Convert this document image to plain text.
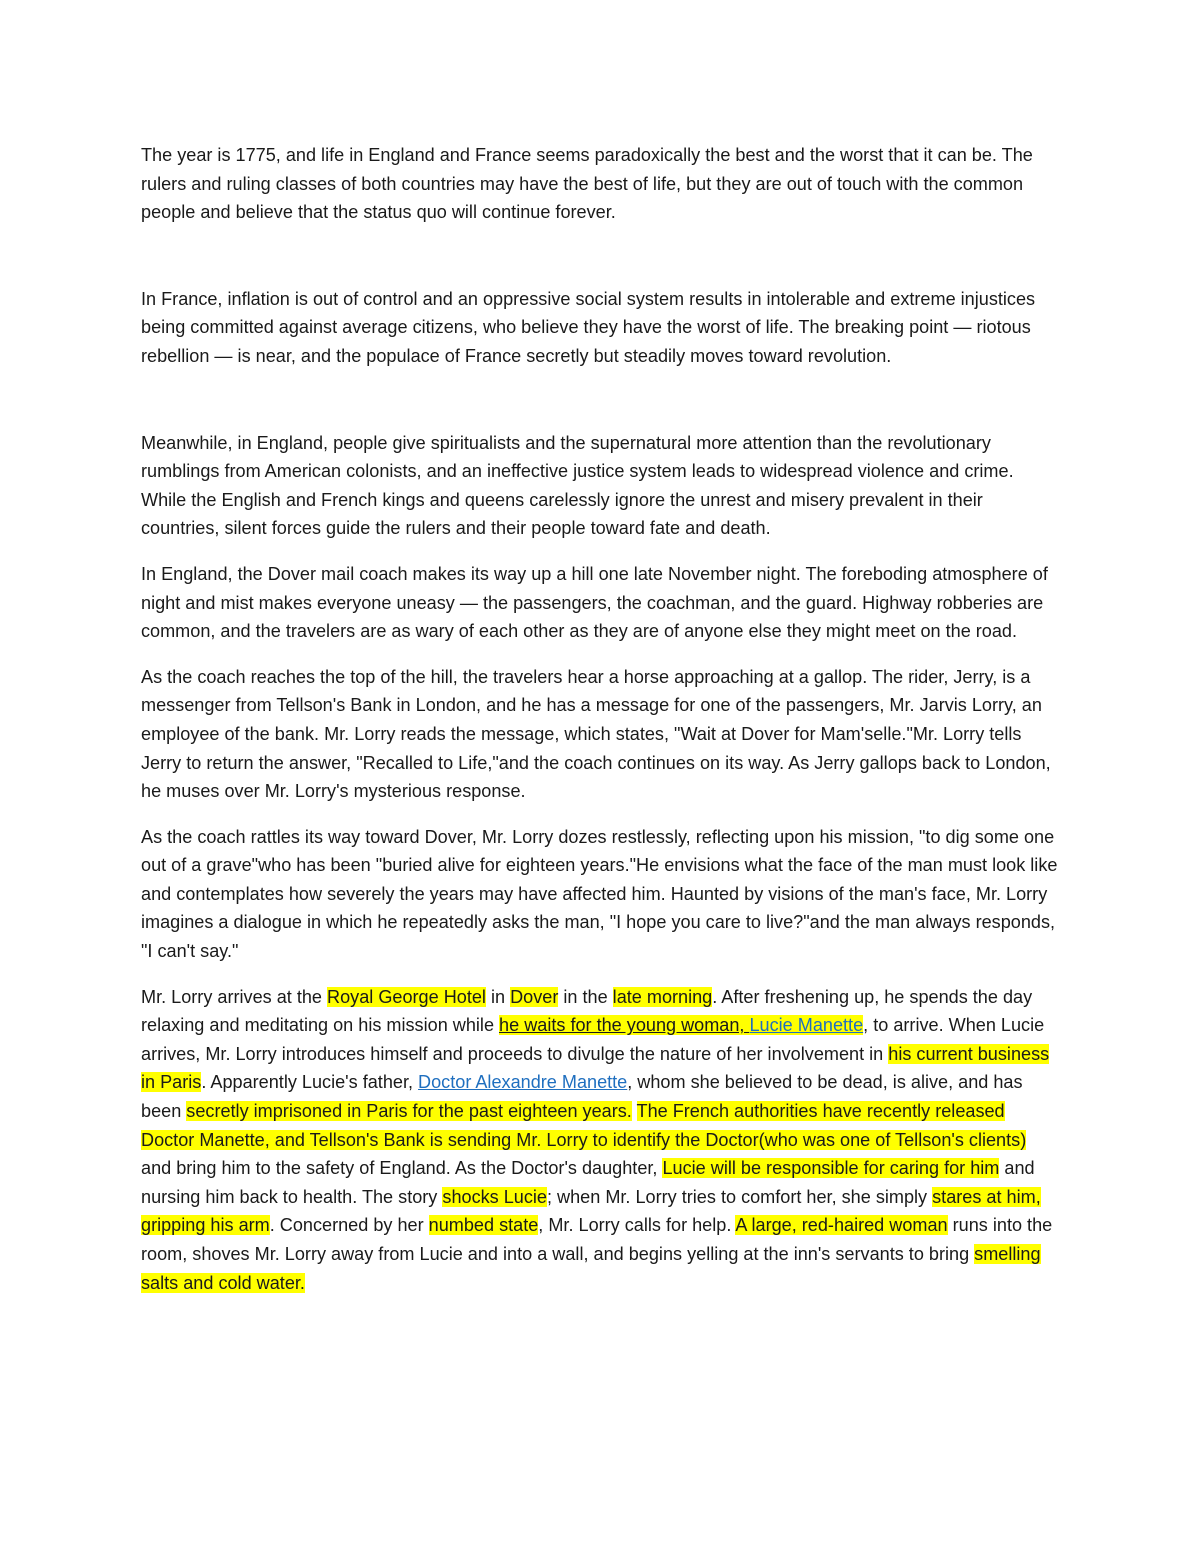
The year is 1775, and life in England and France seems paradoxically the best and the worst that it can be. The rulers and ruling classes of both countries may have the best of life, but they are out of touch with the common people and believe that the status quo will continue forever.

In France, inflation is out of control and an oppressive social system results in intolerable and extreme injustices being committed against average citizens, who believe they have the worst of life. The breaking point — riotous rebellion — is near, and the populace of France secretly but steadily moves toward revolution.

Meanwhile, in England, people give spiritualists and the supernatural more attention than the revolutionary rumblings from American colonists, and an ineffective justice system leads to widespread violence and crime. While the English and French kings and queens carelessly ignore the unrest and misery prevalent in their countries, silent forces guide the rulers and their people toward fate and death.

In England, the Dover mail coach makes its way up a hill one late November night. The foreboding atmosphere of night and mist makes everyone uneasy — the passengers, the coachman, and the guard. Highway robberies are common, and the travelers are as wary of each other as they are of anyone else they might meet on the road.

As the coach reaches the top of the hill, the travelers hear a horse approaching at a gallop. The rider, Jerry, is a messenger from Tellson's Bank in London, and he has a message for one of the passengers, Mr. Jarvis Lorry, an employee of the bank. Mr. Lorry reads the message, which states, "Wait at Dover for Mam'selle."Mr. Lorry tells Jerry to return the answer, "Recalled to Life,"and the coach continues on its way. As Jerry gallops back to London, he muses over Mr. Lorry's mysterious response.

As the coach rattles its way toward Dover, Mr. Lorry dozes restlessly, reflecting upon his mission, "to dig some one out of a grave"who has been "buried alive for eighteen years."He envisions what the face of the man must look like and contemplates how severely the years may have affected him. Haunted by visions of the man's face, Mr. Lorry imagines a dialogue in which he repeatedly asks the man, "I hope you care to live?"and the man always responds, "I can't say."

Mr. Lorry arrives at the Royal George Hotel in Dover in the late morning. After freshening up, he spends the day relaxing and meditating on his mission while he waits for the young woman, Lucie Manette, to arrive. When Lucie arrives, Mr. Lorry introduces himself and proceeds to divulge the nature of her involvement in his current business in Paris. Apparently Lucie's father, Doctor Alexandre Manette, whom she believed to be dead, is alive, and has been secretly imprisoned in Paris for the past eighteen years. The French authorities have recently released Doctor Manette, and Tellson's Bank is sending Mr. Lorry to identify the Doctor(who was one of Tellson's clients) and bring him to the safety of England. As the Doctor's daughter, Lucie will be responsible for caring for him and nursing him back to health. The story shocks Lucie; when Mr. Lorry tries to comfort her, she simply stares at him, gripping his arm. Concerned by her numbed state, Mr. Lorry calls for help. A large, red-haired woman runs into the room, shoves Mr. Lorry away from Lucie and into a wall, and begins yelling at the inn's servants to bring smelling salts and cold water.
